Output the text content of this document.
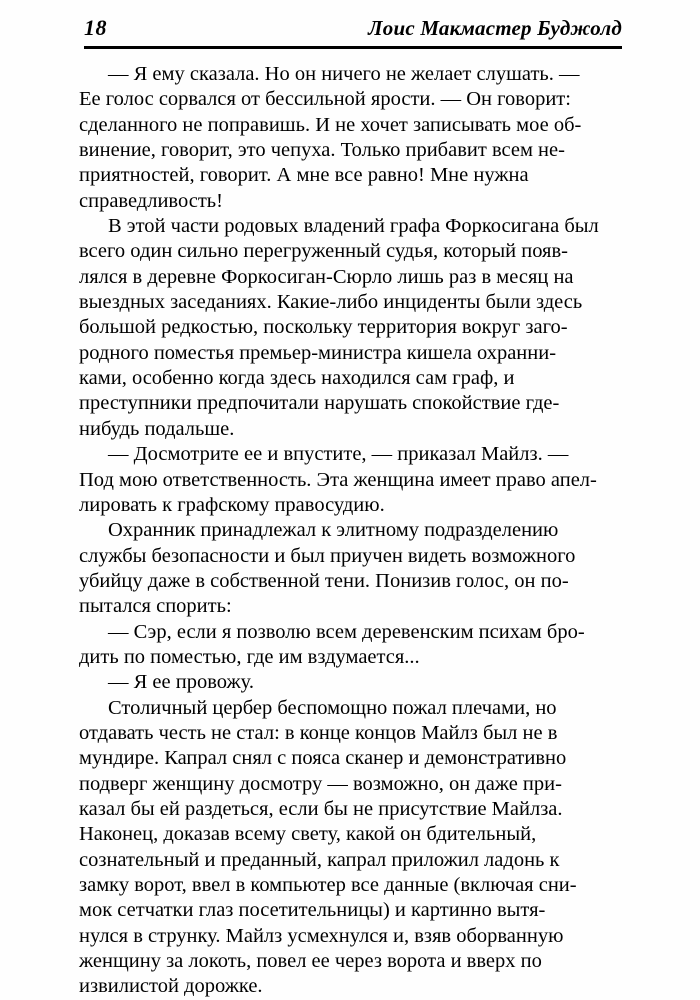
18	Лоис Макмастер Буджолд
— Я ему сказала. Но он ничего не желает слушать. —
Ее голос сорвался от бессильной ярости. — Он говорит:
сделанного не поправишь. И не хочет записывать мое об-
винение, говорит, это чепуха. Только прибавит всем не-
приятностей, говорит. А мне все равно! Мне нужна
справедливость!
В этой части родовых владений графа Форкосигана был
всего один сильно перегруженный судья, который появ-
лялся в деревне Форкосиган-Сюрло лишь раз в месяц на
выездных заседаниях. Какие-либо инциденты были здесь
большой редкостью, поскольку территория вокруг заго-
родного поместья премьер-министра кишела охранни-
ками, особенно когда здесь находился сам граф, и
преступники предпочитали нарушать спокойствие где-
нибудь подальше.
— Досмотрите ее и впустите, — приказал Майлз. —
Под мою ответственность. Эта женщина имеет право апел-
лировать к графскому правосудию.
Охранник принадлежал к элитному подразделению
службы безопасности и был приучен видеть возможного
убийцу даже в собственной тени. Понизив голос, он по-
пытался спорить:
— Сэр, если я позволю всем деревенским психам бро-
дить по поместью, где им вздумается...
— Я ее провожу.
Столичный цербер беспомощно пожал плечами, но
отдавать честь не стал: в конце концов Майлз был не в
мундире. Капрал снял с пояса сканер и демонстративно
подверг женщину досмотру — возможно, он даже при-
казал бы ей раздеться, если бы не присутствие Майлза.
Наконец, доказав всему свету, какой он бдительный,
сознательный и преданный, капрал приложил ладонь к
замку ворот, ввел в компьютер все данные (включая сни-
мок сетчатки глаз посетительницы) и картинно вытя-
нулся в струнку. Майлз усмехнулся и, взяв оборванную
женщину за локоть, повел ее через ворота и вверх по
извилистой дорожке.
